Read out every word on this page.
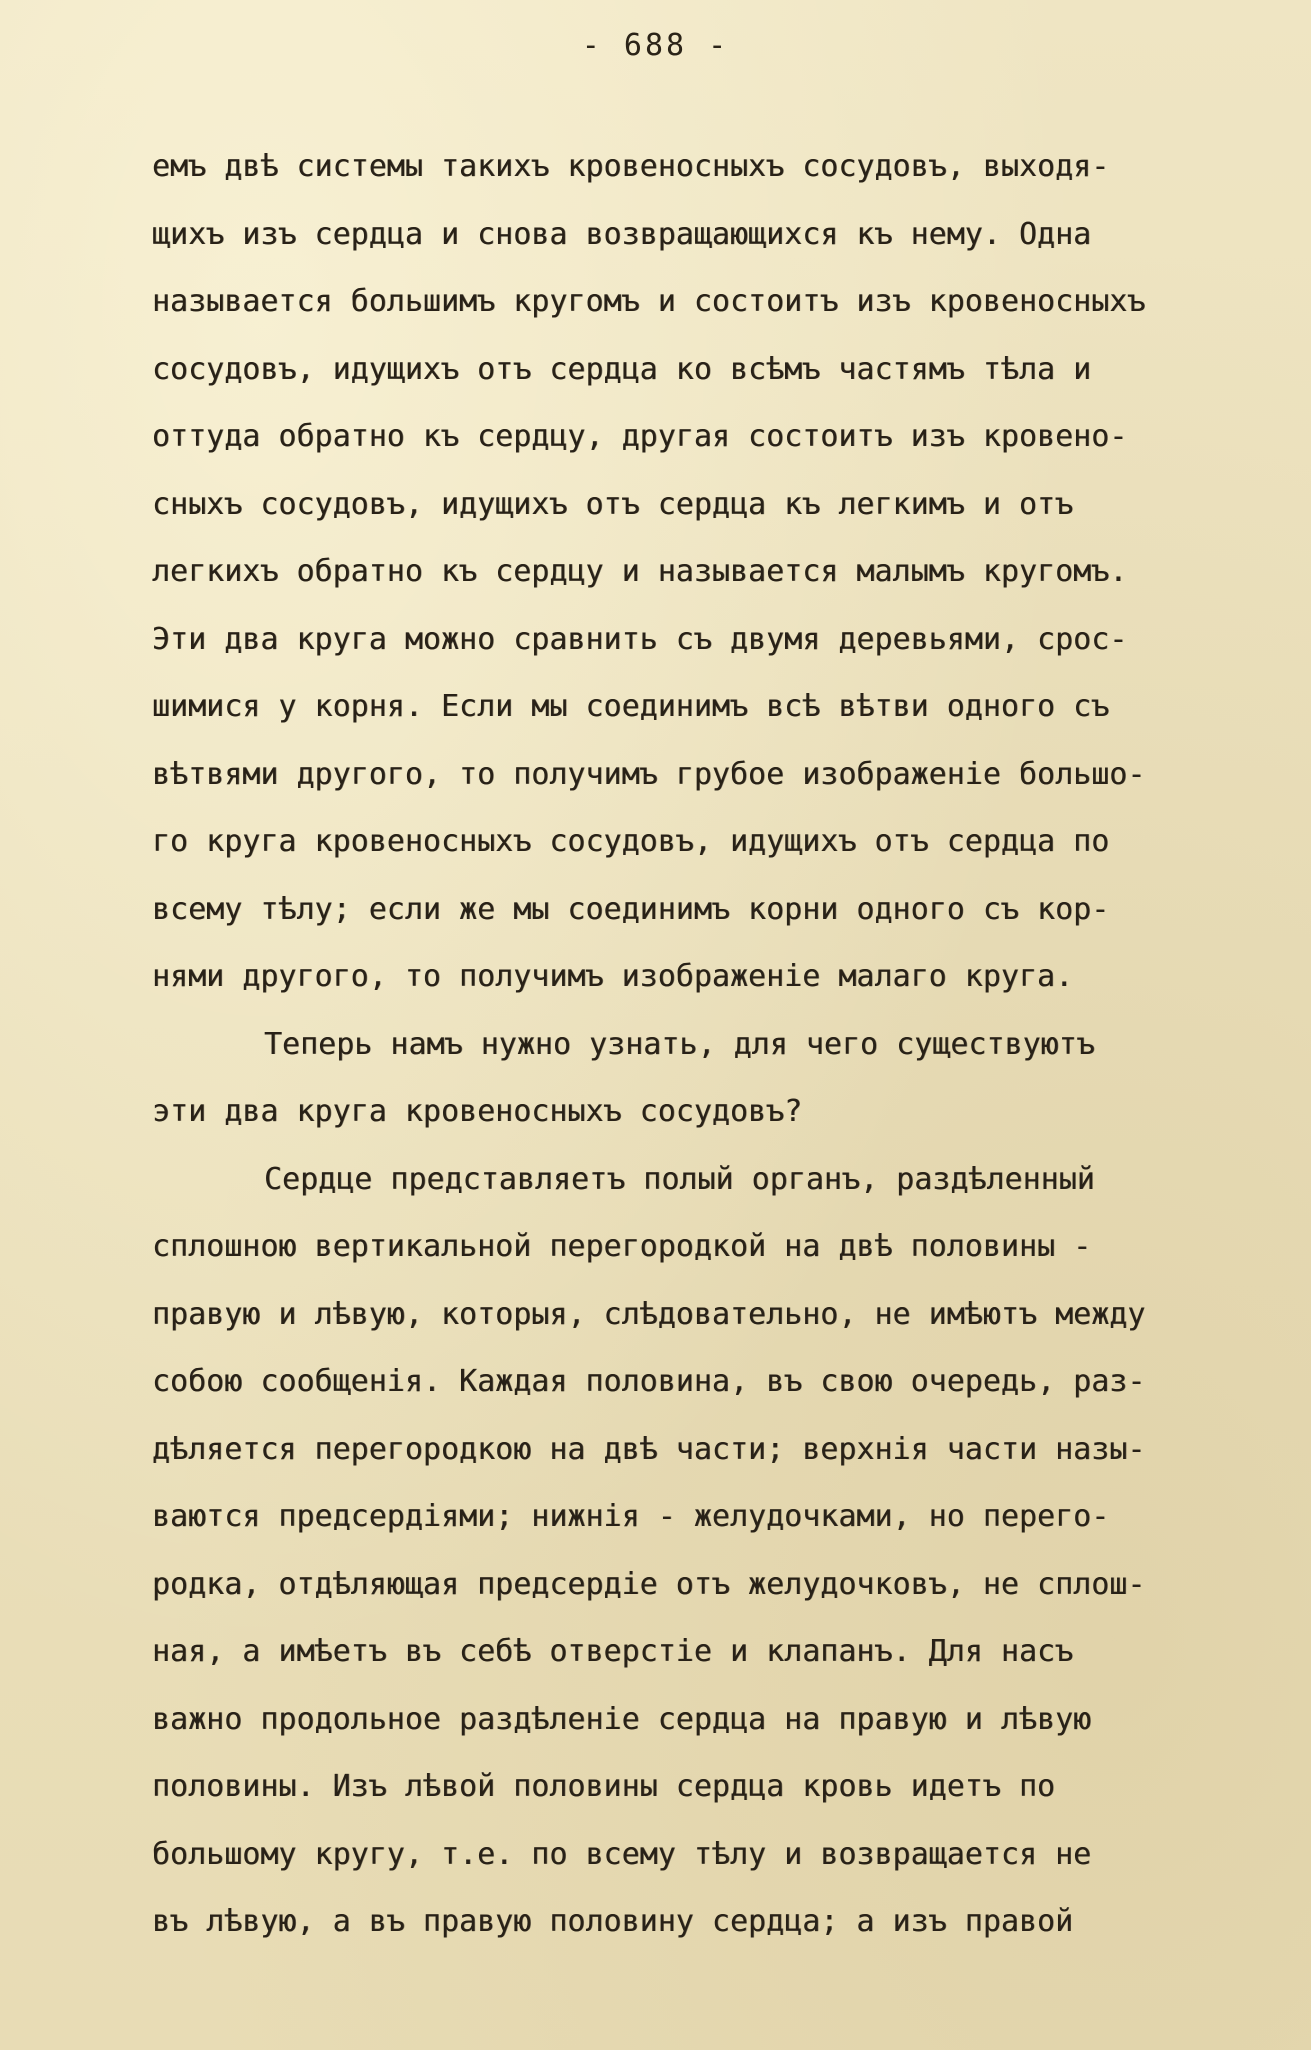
- 688 -
емъ двѣ системы такихъ кровеносныхъ сосудовъ, выходя-
щихъ изъ сердца и снова возвращающихся къ нему. Одна
называется большимъ кругомъ и состоитъ изъ кровеносныхъ
сосудовъ, идущихъ отъ сердца ко всѣмъ частямъ тѣла и
оттуда обратно къ сердцу, другая состоитъ изъ кровено-
сныхъ сосудовъ, идущихъ отъ сердца къ легкимъ и отъ
легкихъ обратно къ сердцу и называется малымъ кругомъ.
Эти два круга можно сравнить съ двумя деревьями, срос-
шимися у корня. Если мы соединимъ всѣ вѣтви одного съ
вѣтвями другого, то получимъ грубое изображеніе большо-
го круга кровеносныхъ сосудовъ, идущихъ отъ сердца по
всему тѣлу; если же мы соединимъ корни одного съ кор-
нями другого, то получимъ изображеніе малаго круга.
Теперь намъ нужно узнать, для чего существуютъ
эти два круга кровеносныхъ сосудовъ?
Сердце представляетъ полый органъ, раздѣленный
сплошною вертикальной перегородкой на двѣ половины -
правую и лѣвую, которыя, слѣдовательно, не имѣютъ между
собою сообщенія. Каждая половина, въ свою очередь, раз-
дѣляется перегородкою на двѣ части; верхнія части назы-
ваются предсердіями; нижнія - желудочками, но перего-
родка, отдѣляющая предсердіе отъ желудочковъ, не сплош-
ная, а имѣетъ въ себѣ отверстіе и клапанъ. Для насъ
важно продольное раздѣленіе сердца на правую и лѣвую
половины. Изъ лѣвой половины сердца кровь идетъ по
большому кругу, т.е. по всему тѣлу и возвращается не
въ лѣвую, а въ правую половину сердца; а изъ правой
